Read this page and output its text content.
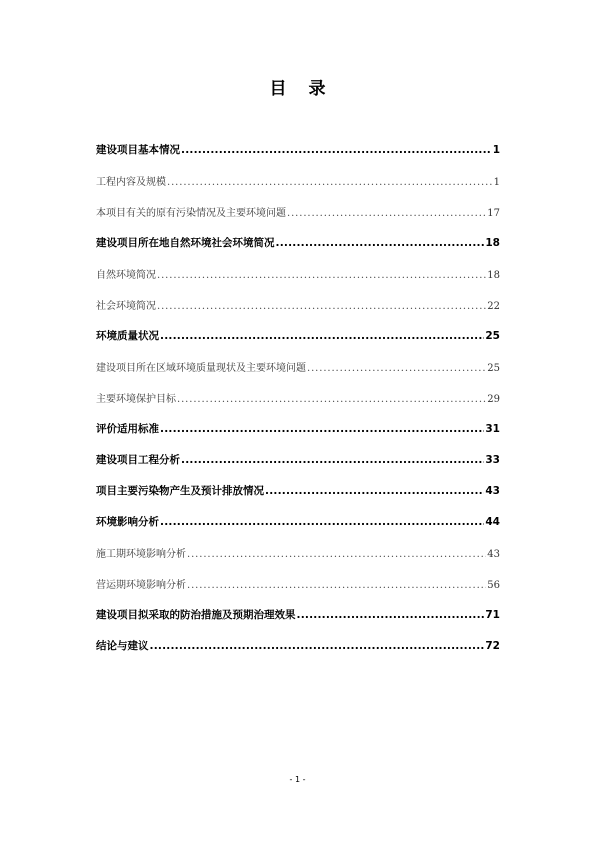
目录
建设项目基本情况 .....	1
工程内容及规模 .....	1
本项目有关的原有污染情况及主要环境问题 .....	17
建设项目所在地自然环境社会环境简况 .....	18
自然环境简况 .....	18
社会环境简况 .....	22
环境质量状况 .....	25
建设项目所在区域环境质量现状及主要环境问题 .....	25
主要环境保护目标 .....	29
评价适用标准 .....	31
建设项目工程分析 .....	33
项目主要污染物产生及预计排放情况 .....	43
环境影响分析 .....	44
施工期环境影响分析 .....	43
营运期环境影响分析 .....	56
建设项目拟采取的防治措施及预期治理效果 .....	71
结论与建议 .....	72
- 1 -
